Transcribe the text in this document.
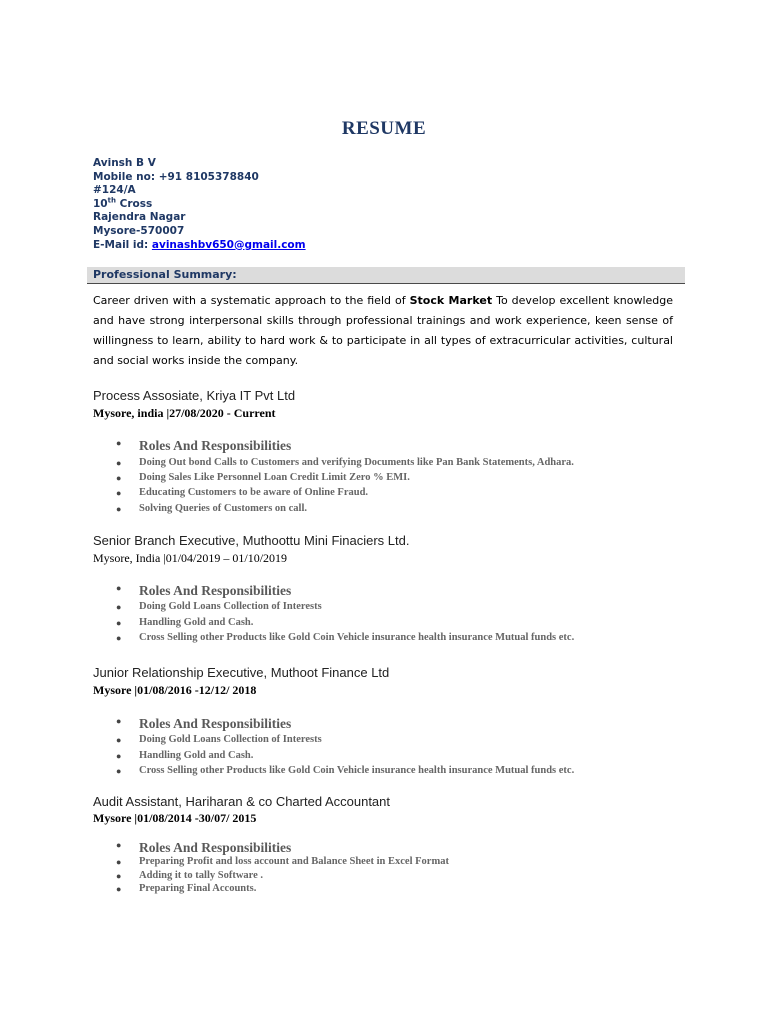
RESUME
Avinsh B V
Mobile no: +91 8105378840
#124/A
10th Cross
Rajendra Nagar
Mysore-570007
E-Mail id: avinashbv650@gmail.com
Professional Summary:
Career driven with a systematic approach to the field of Stock Market To develop excellent knowledge and have strong interpersonal skills through professional trainings and work experience, keen sense of willingness to learn, ability to hard work & to participate in all types of extracurricular activities, cultural and social works inside the company.
Process Assosiate, Kriya IT Pvt Ltd
Mysore, india |27/08/2020 - Current
● Roles And Responsibilities
● Doing Out bond Calls to Customers and verifying Documents like Pan Bank Statements, Adhara.
● Doing Sales Like Personnel Loan Credit Limit Zero % EMI.
● Educating Customers to be aware of Online Fraud.
● Solving Queries of Customers on call.
Senior Branch Executive, Muthoottu Mini Finaciers Ltd.
Mysore, India |01/04/2019 – 01/10/2019
● Roles And Responsibilities
● Doing Gold Loans Collection of Interests
● Handling Gold and Cash.
● Cross Selling other Products like Gold Coin Vehicle insurance health insurance Mutual funds etc.
Junior Relationship Executive, Muthoot Finance Ltd
Mysore |01/08/2016 -12/12/ 2018
● Roles And Responsibilities
● Doing Gold Loans Collection of Interests
● Handling Gold and Cash.
● Cross Selling other Products like Gold Coin Vehicle insurance health insurance Mutual funds etc.
Audit Assistant, Hariharan & co Charted Accountant
Mysore |01/08/2014 -30/07/ 2015
● Roles And Responsibilities
● Preparing Profit and loss account and Balance Sheet in Excel Format
● Adding it to tally Software .
● Preparing Final Accounts.
